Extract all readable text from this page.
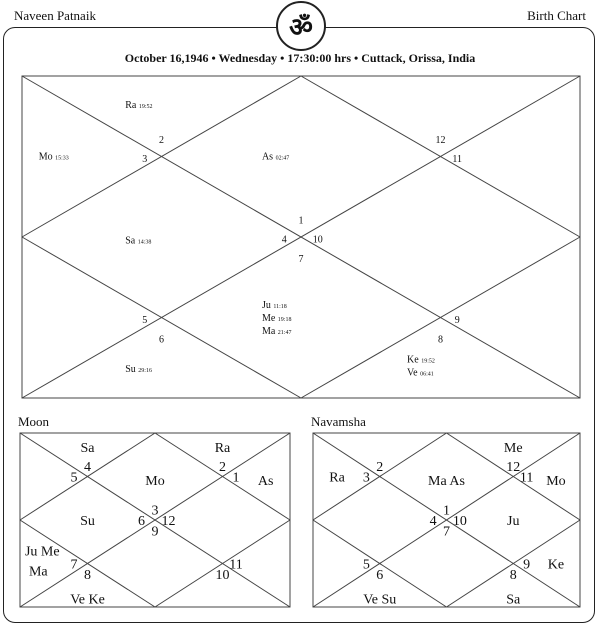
Naveen Patnaik	Birth Chart
ॐ
October 16,1946 • Wednesday • 17:30:00 hrs • Cuttack, Orissa, India
1
As 02:47
2
Ra 19:52
3
Mo 15:33
4
Sa 14:38
5
6
Su 29:16
7
Ju 11:18
Me 19:18
Ma 21:47
8
Ke 19:52
Ve 06:41
9
10
11
12
Moon	Navamsha
3
Mo
4
Sa
5
6
Su
7
Ju Me
Ma	8
Ve Ke
9
10
11
12
1 As
2
Ra
1
Ma As
2
3
Ra
4
5
6
Ve Su
7
8
Sa
9 Ke
10	Ju
11 Mo
12
Me
